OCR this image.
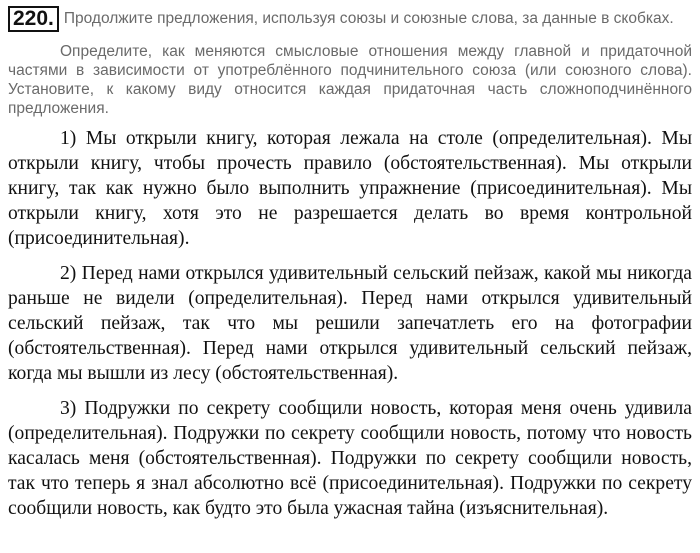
220. Продолжите предложения, используя союзы и союзные слова, за данные в скобках.

Определите, как меняются смысловые отношения между главной и придаточной частями в зависимости от употреблённого подчинительного союза (или союзного слова). Установите, к какому виду относится каждая придаточная часть сложноподчинённого предложения.

1) Мы открыли книгу, которая лежала на столе (определительная). Мы открыли книгу, чтобы прочесть правило (обстоятельственная). Мы открыли книгу, так как нужно было выполнить упражнение (присоединительная). Мы открыли книгу, хотя это не разрешается делать во время контрольной (присоединительная).

2) Перед нами открылся удивительный сельский пейзаж, какой мы никогда раньше не видели (определительная). Перед нами открылся удивительный сельский пейзаж, так что мы решили запечатлеть его на фотографии (обстоятельственная). Перед нами открылся удивительный сельский пейзаж, когда мы вышли из лесу (обстоятельственная).

3) Подружки по секрету сообщили новость, которая меня очень удивила (определительная). Подружки по секрету сообщили новость, потому что новость касалась меня (обстоятельственная). Подружки по секрету сообщили новость, так что теперь я знал абсолютно всё (присоединительная). Подружки по секрету сообщили новость, как будто это была ужасная тайна (изъяснительная).
